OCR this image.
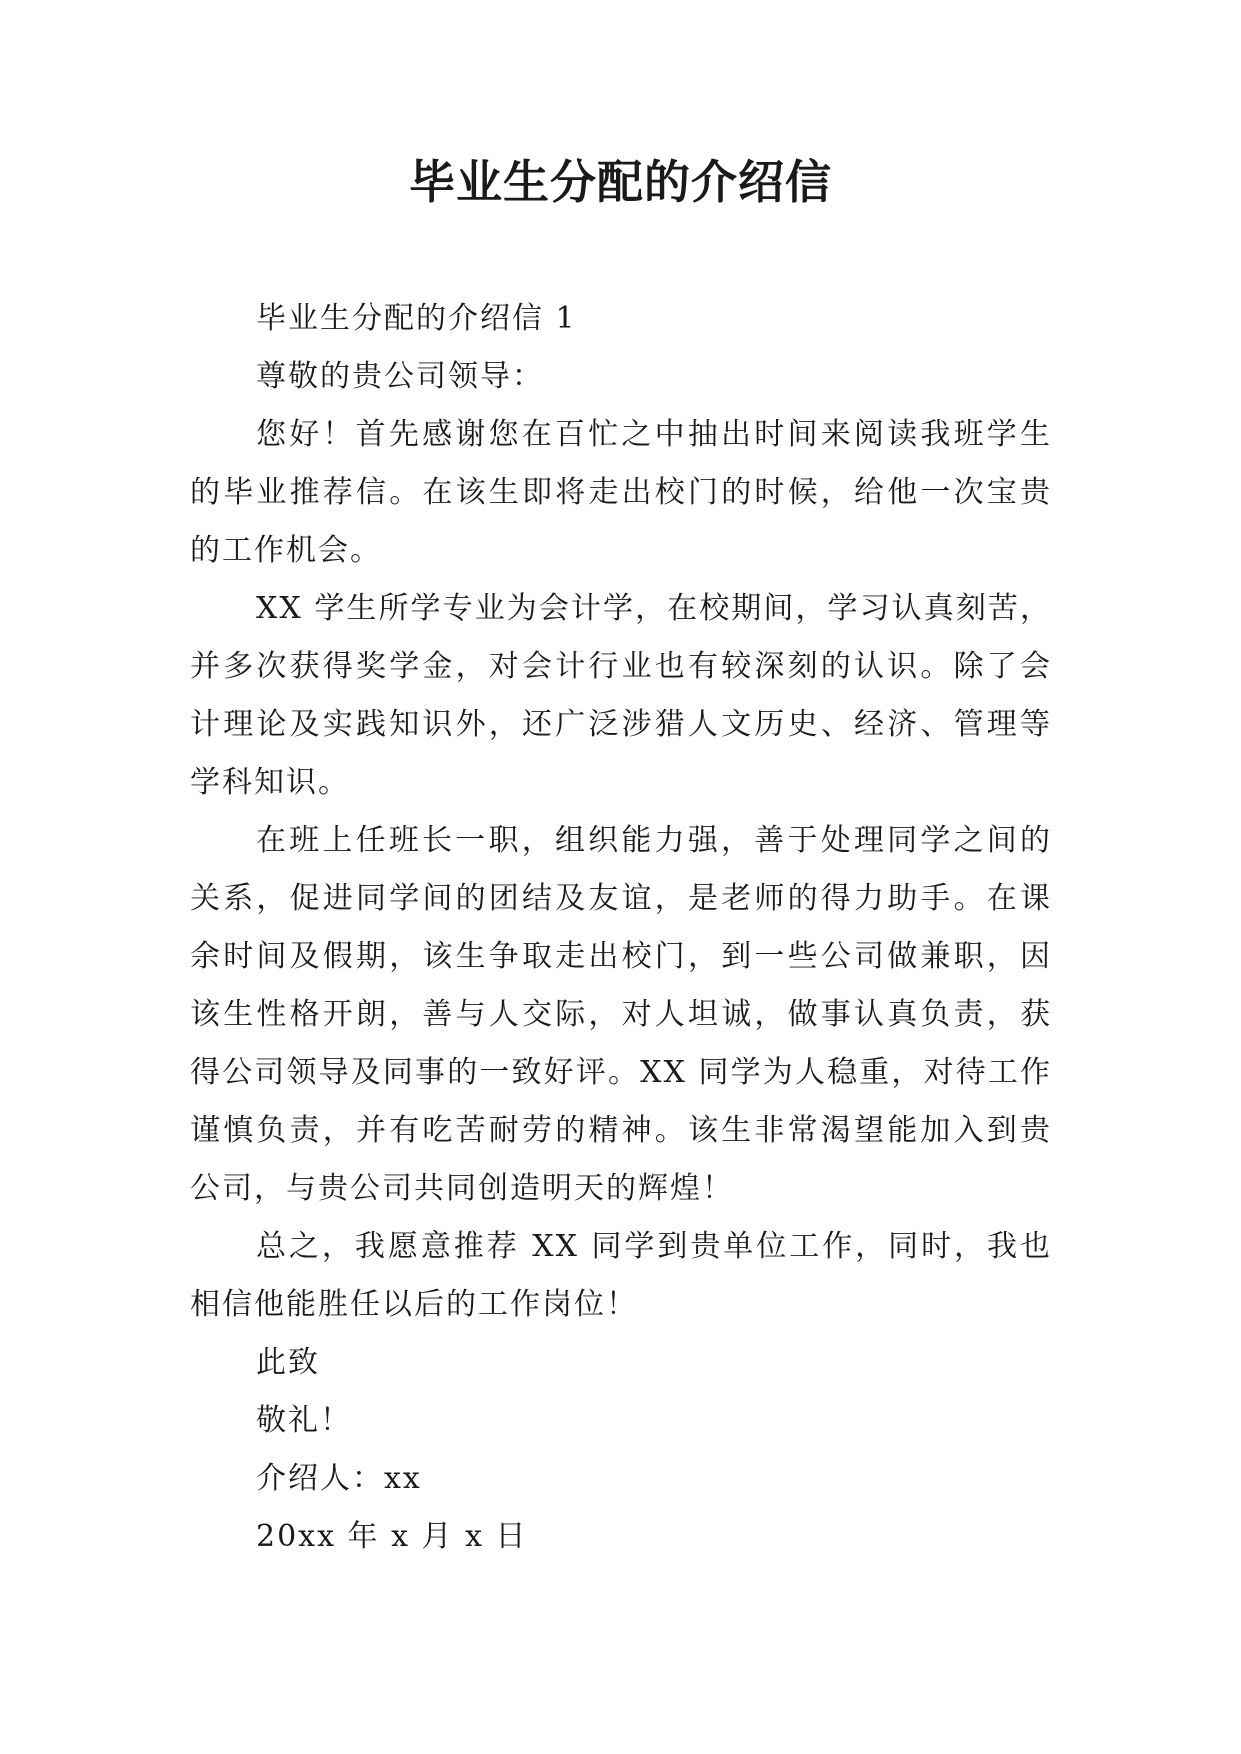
毕业生分配的介绍信

毕业生分配的介绍信 1

尊敬的贵公司领导：

您好！首先感谢您在百忙之中抽出时间来阅读我班学生的毕业推荐信。在该生即将走出校门的时候，给他一次宝贵的工作机会。

XX 学生所学专业为会计学，在校期间，学习认真刻苦，并多次获得奖学金，对会计行业也有较深刻的认识。除了会计理论及实践知识外，还广泛涉猎人文历史、经济、管理等学科知识。

在班上任班长一职，组织能力强，善于处理同学之间的关系，促进同学间的团结及友谊，是老师的得力助手。在课余时间及假期，该生争取走出校门，到一些公司做兼职，因该生性格开朗，善与人交际，对人坦诚，做事认真负责，获得公司领导及同事的一致好评。XX 同学为人稳重，对待工作谨慎负责，并有吃苦耐劳的精神。该生非常渴望能加入到贵公司，与贵公司共同创造明天的辉煌！

总之，我愿意推荐 XX 同学到贵单位工作，同时，我也相信他能胜任以后的工作岗位！

此致

敬礼！

介绍人：xx

20xx 年 x 月 x 日
